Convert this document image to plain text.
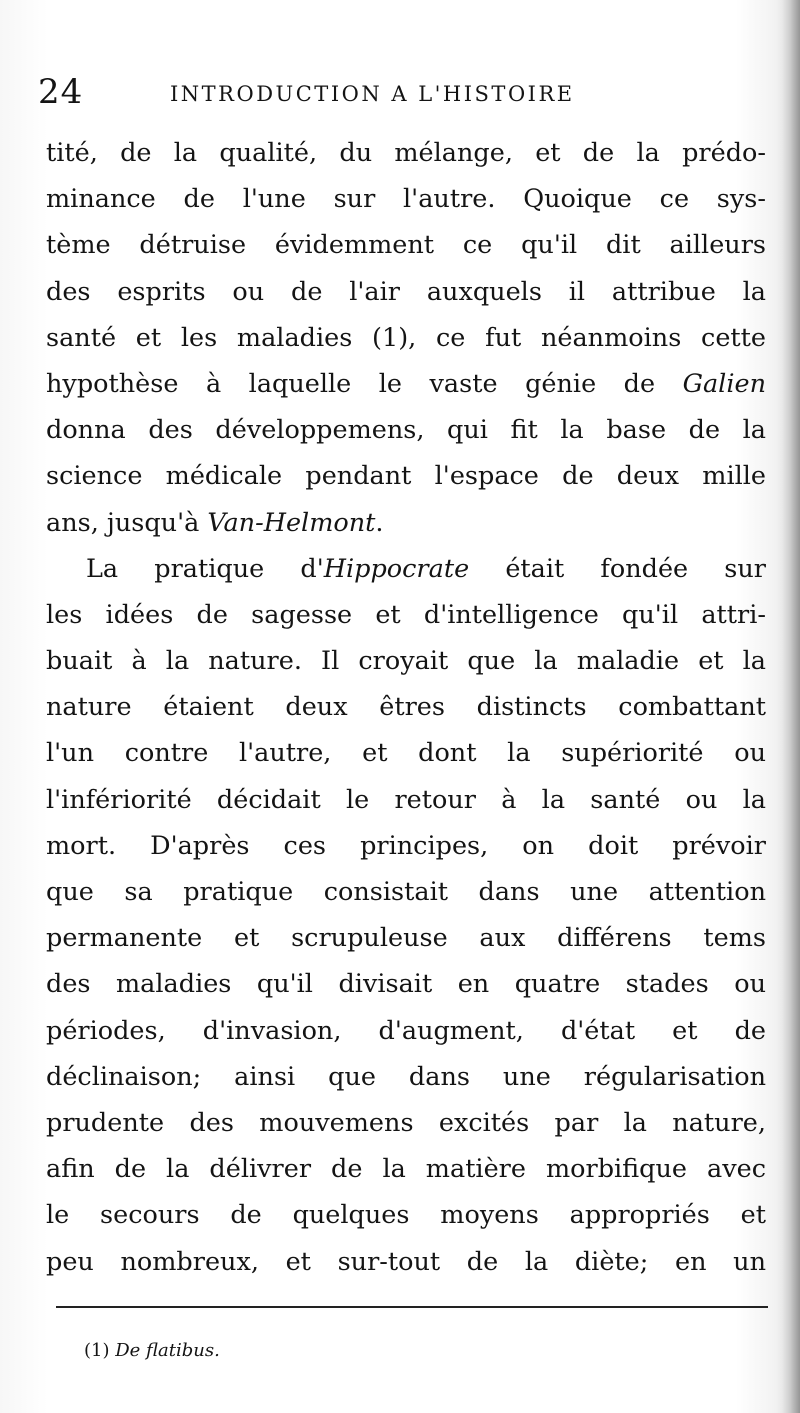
24	INTRODUCTION A L'HISTOIRE
tité, de la qualité, du mélange, et de la prédo-
minance de l'une sur l'autre. Quoique ce sys-
tème détruise évidemment ce qu'il dit ailleurs
des esprits ou de l'air auxquels il attribue la
santé et les maladies (1), ce fut néanmoins cette
hypothèse à laquelle le vaste génie de Galien
donna des développemens, qui fit la base de la
science médicale pendant l'espace de deux mille
ans, jusqu'à Van-Helmont.
La pratique d'Hippocrate était fondée sur
les idées de sagesse et d'intelligence qu'il attri-
buait à la nature. Il croyait que la maladie et la
nature étaient deux êtres distincts combattant
l'un contre l'autre, et dont la supériorité ou
l'infériorité décidait le retour à la santé ou la
mort. D'après ces principes, on doit prévoir
que sa pratique consistait dans une attention
permanente et scrupuleuse aux différens tems
des maladies qu'il divisait en quatre stades ou
périodes, d'invasion, d'augment, d'état et de
déclinaison; ainsi que dans une régularisation
prudente des mouvemens excités par la nature,
afin de la délivrer de la matière morbifique avec
le secours de quelques moyens appropriés et
peu nombreux, et sur-tout de la diète; en un
(1) De flatibus.
